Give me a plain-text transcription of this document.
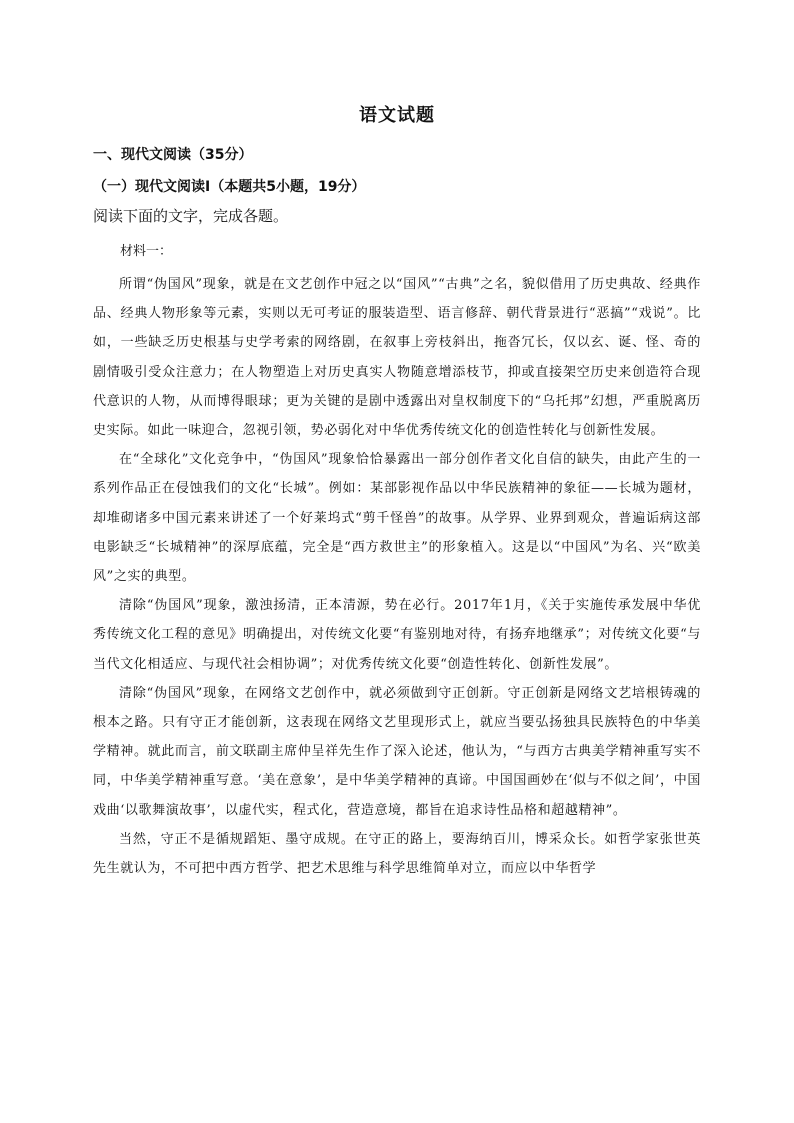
语文试题
一、现代文阅读（35分）
（一）现代文阅读Ⅰ（本题共5小题，19分）
阅读下面的文字，完成各题。
材料一：

所谓“伪国风”现象，就是在文艺创作中冠之以“国风”“古典”之名，貌似借用了历史典故、经典作品、经典人物形象等元素，实则以无可考证的服装造型、语言修辞、朝代背景进行“恶搞”“戏说”。比如，一些缺乏历史根基与史学考索的网络剧，在叙事上旁枝斜出，拖沓冗长，仅以玄、诞、怪、奇的剧情吸引受众注意力；在人物塑造上对历史真实人物随意增添枝节，抑或直接架空历史来创造符合现代意识的人物，从而博得眼球；更为关键的是剧中透露出对皇权制度下的“乌托邦”幻想，严重脱离历史实际。如此一味迎合，忽视引领，势必弱化对中华优秀传统文化的创造性转化与创新性发展。

在“全球化”文化竞争中，“伪国风”现象恰恰暴露出一部分创作者文化自信的缺失，由此产生的一系列作品正在侵蚀我们的文化“长城”。例如：某部影视作品以中华民族精神的象征——长城为题材，却堆砌诸多中国元素来讲述了一个好莱坞式“剪千怪兽”的故事。从学界、业界到观众，普遍诟病这部电影缺乏“长城精神”的深厚底蕴，完全是“西方救世主”的形象植入。这是以“中国风”为名、兴“欧美风”之实的典型。

清除“伪国风”现象，激浊扬清，正本清源，势在必行。2017年1月，《关于实施传承发展中华优秀传统文化工程的意见》明确提出，对传统文化要“有鉴别地对待，有扬弃地继承”；对传统文化要“与当代文化相适应、与现代社会相协调”；对优秀传统文化要“创造性转化、创新性发展”。

清除“伪国风”现象，在网络文艺创作中，就必须做到守正创新。守正创新是网络文艺培根铸魂的根本之路。只有守正才能创新，这表现在网络文艺里现形式上，就应当要弘扬独具民族特色的中华美学精神。就此而言，前文联副主席仲呈祥先生作了深入论述，他认为，“与西方古典美学精神重写实不同，中华美学精神重写意。‘美在意象’，是中华美学精神的真谛。中国国画妙在‘似与不似之间’，中国戏曲‘以歌舞演故事’，以虚代实，程式化，营造意境，都旨在追求诗性品格和超越精神”。

当然，守正不是循规蹈矩、墨守成规。在守正的路上，要海纳百川，博采众长。如哲学家张世英先生就认为，不可把中西方哲学、把艺术思维与科学思维简单对立，而应以中华哲学
